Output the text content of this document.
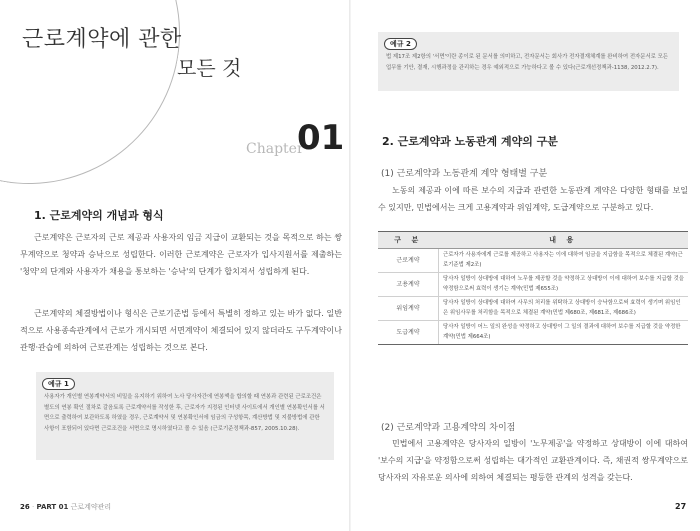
근로계약에 관한
모든 것
Chapter
01
1. 근로계약의 개념과 형식
근로계약은 근로자의 근로 제공과 사용자의 임금 지급이 교환되는 것을 목적으로 하는 쌍무계약으로 청약과 승낙으로 성립한다. 이러한 근로계약은 근로자가 입사지원서를 제출하는 '청약'의 단계와 사용자가 채용을 통보하는 '승낙'의 단계가 합치져서 성립하게 된다.
근로계약의 체결방법이나 형식은 근로기준법 등에서 특별히 정하고 있는 바가 없다. 일반적으로 사용종속관계에서 근로가 개시되면 서면계약이 체결되어 있지 않더라도 구두계약이나 관행·관습에 의하여 근로관계는 성립하는 것으로 본다.
예규 1
사용자가 개인별 연봉계약서의 비밀을 유지하기 위하여 노사 당사자간에 연봉액을 합의할 때 연봉과 관련된 근로조건은 별도의 연봉 확인 절차로 갈음토록 근로계약서를 작성한 후, 근로자가 지정된 인터넷 사이트에서 개인별 연봉확인서를 서면으로 출력하여 보관하도록 하였을 경우, 근로계약서 및 연봉확인서에 임금의 구성항목, 계산방법 및 지불방법에 관한 사항이 포함되어 있다면 근로조건을 서면으로 명시하였다고 볼 수 있음 (근로기준정책과-857, 2005.10.28).
26 · PART 01 근로계약관리
예규 2
법 제17조 제2항의 '서면'이란 종이로 된 문서를 의미하고, 전자문서는 회사가 전자결재체계를 완비하여 전자문서로 모든 업무를 기안, 결재, 시행과정을 관리하는 경우 예외적으로 가능하다고 볼 수 있다(근로개선정책과-1138, 2012.2.7).
2. 근로계약과 노동관계 계약의 구분
(1) 근로계약과 노동관계 계약 형태별 구분
노동의 제공과 이에 따른 보수의 지급과 관련한 노동관계 계약은 다양한 형태를 보일 수 있지만, 민법에서는 크게 고용계약과 위임계약, 도급계약으로 구분하고 있다.
구 분	내 용
근로계약	근로자가 사용자에게 근로를 제공하고 사용자는 이에 대하여 임금을 지급함을 목적으로 체결된 계약(근로기준법 제2조)
고용계약	당사자 일방이 상대방에 대하여 노무를 제공할 것을 약정하고 상대방이 이에 대하여 보수를 지급할 것을 약정함으로써 효력이 생기는 계약(민법 제655조)
위임계약	당사자 일방이 상대방에 대하여 사무의 처리를 위탁하고 상대방이 승낙함으로써 효력이 생기며 위임인은 위임사무를 처리함을 목적으로 체결된 계약(민법 제680조, 제681조, 제686조)
도급계약	당사자 일방이 어느 일의 완성을 약정하고 상대방이 그 일의 결과에 대하여 보수를 지급할 것을 약정한 계약(민법 제664조)
(2) 근로계약과 고용계약의 차이점
민법에서 고용계약은 당사자의 일방이 '노무제공'을 약정하고 상대방이 이에 대하여 '보수의 지급'을 약정함으로써 성립하는 대가적인 교환관계이다. 즉, 채권적 쌍무계약으로 당사자의 자유로운 의사에 의하여 체결되는 평등한 관계의 성격을 갖는다.
27
